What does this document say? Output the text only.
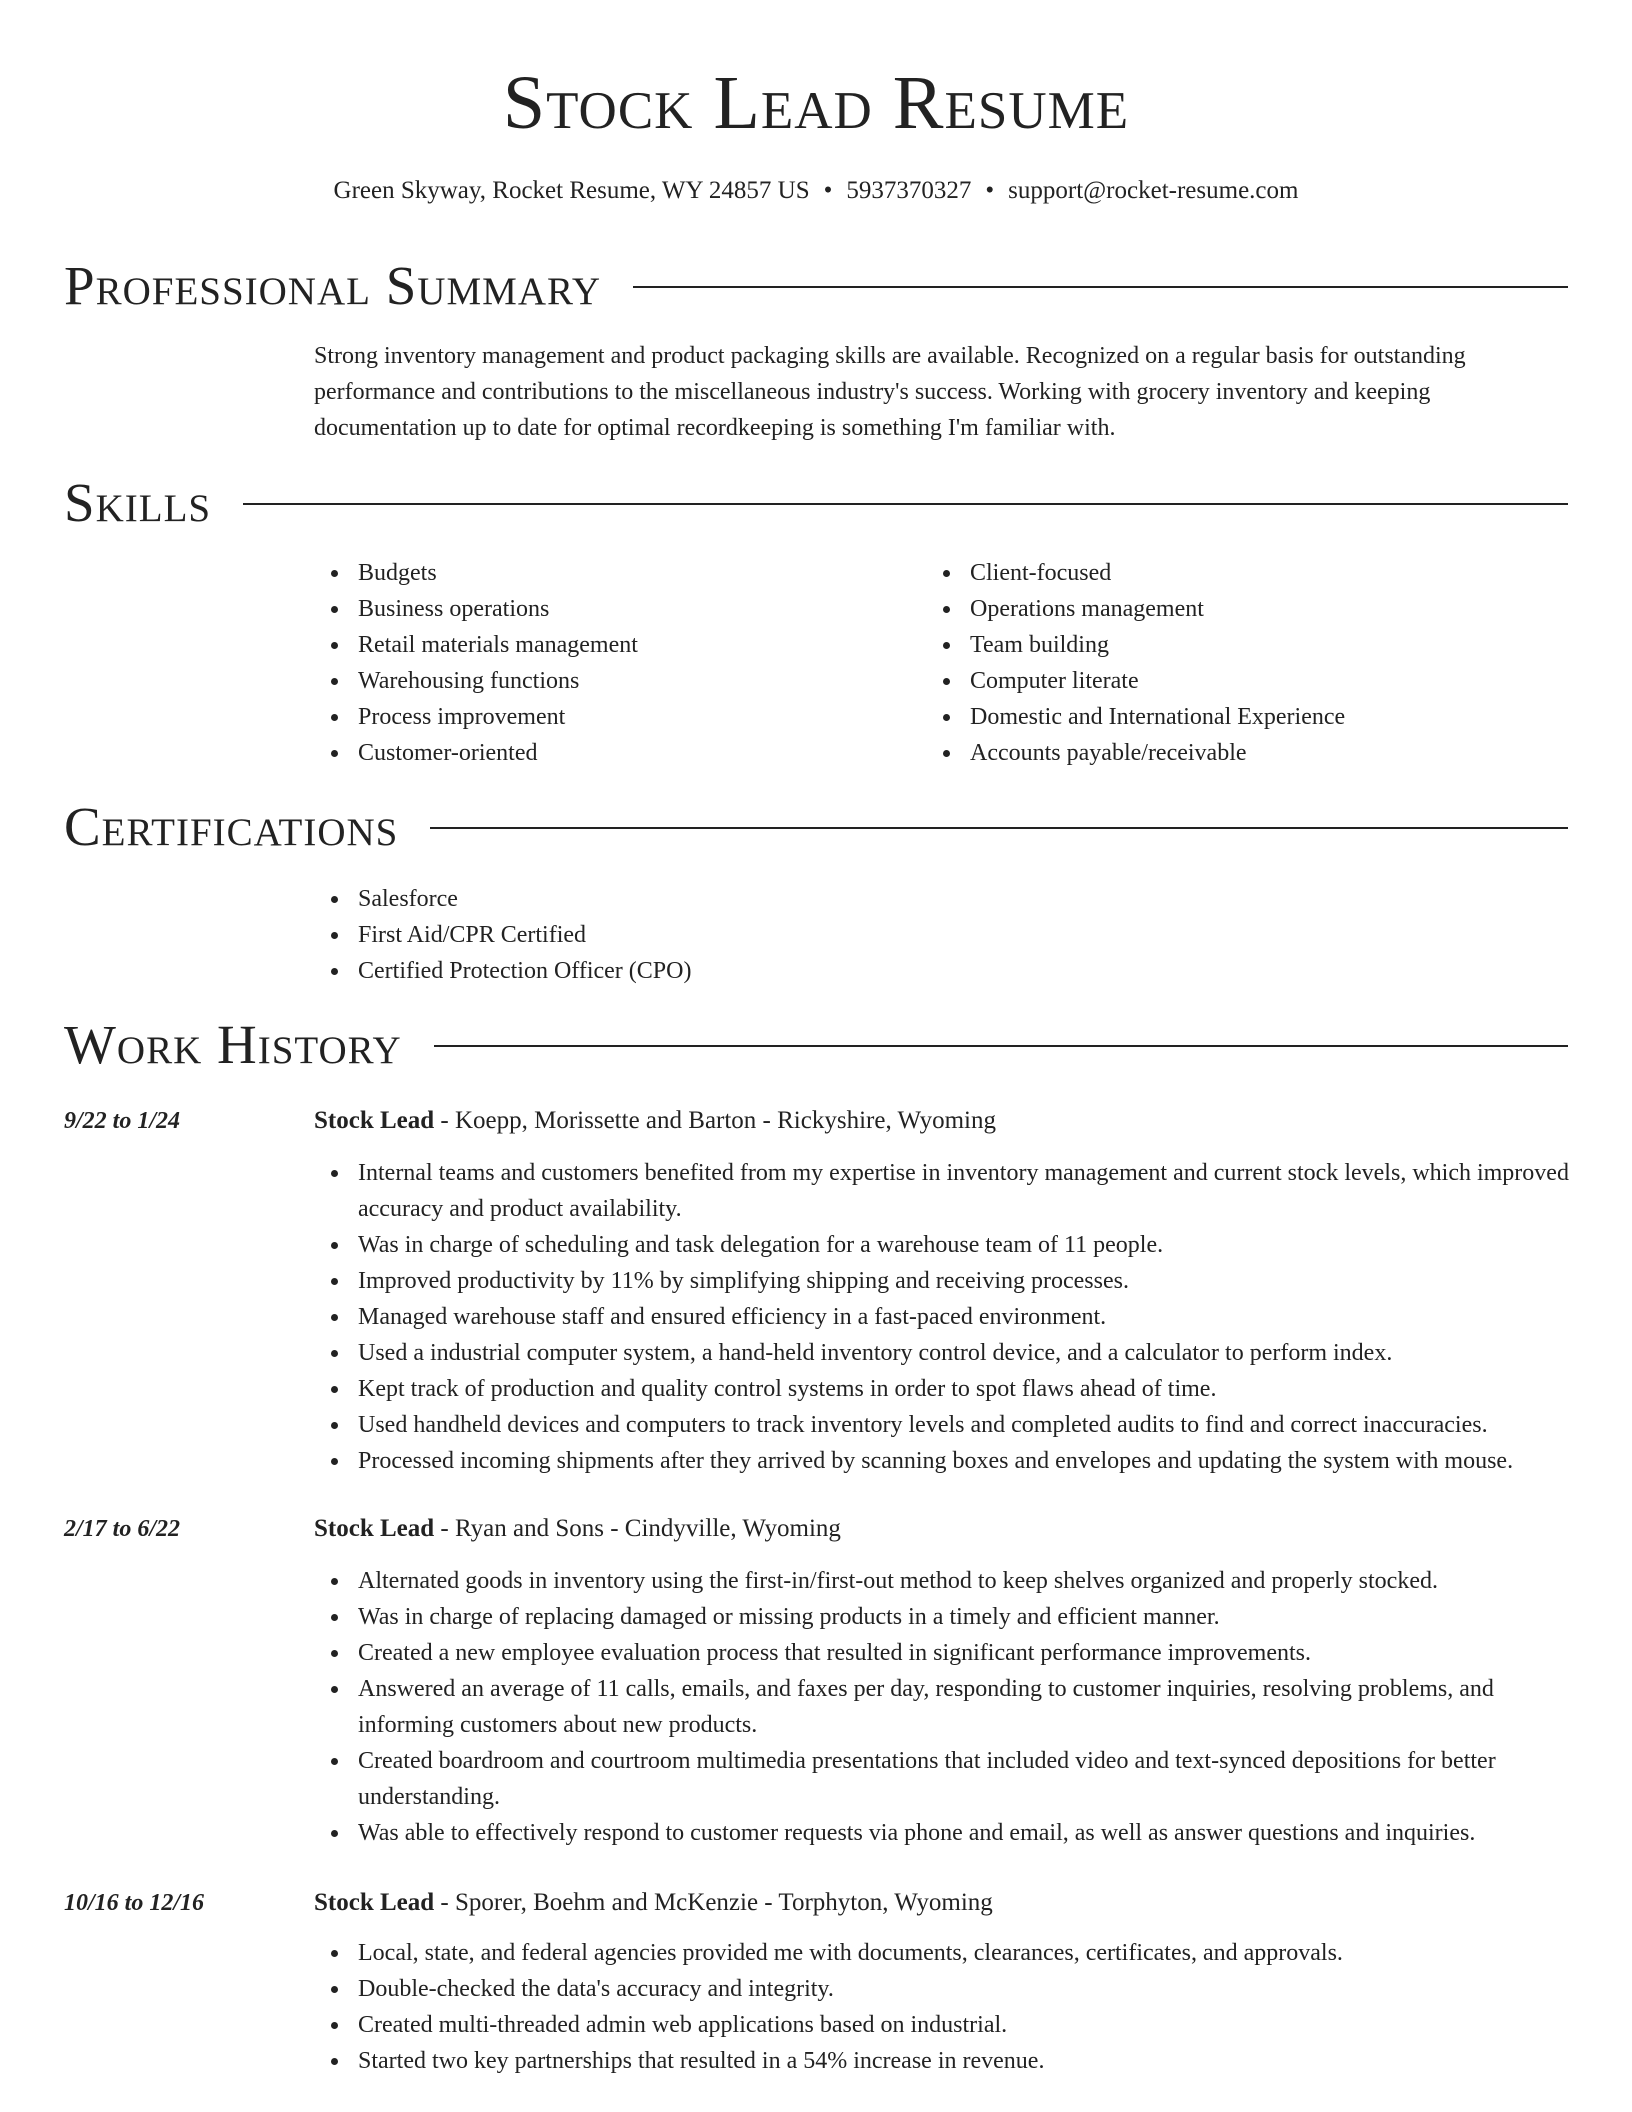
Stock Lead Resume
Green Skyway, Rocket Resume, WY 24857 US • 5937370327 • support@rocket-resume.com
Professional Summary

Strong inventory management and product packaging skills are available. Recognized on a regular basis for outstanding performance and contributions to the miscellaneous industry's success. Working with grocery inventory and keeping documentation up to date for optimal recordkeeping is something I'm familiar with.

Skills
Budgets
Business operations
Retail materials management
Warehousing functions
Process improvement
Customer-oriented
Client-focused
Operations management
Team building
Computer literate
Domestic and International Experience
Accounts payable/receivable
Certifications
Salesforce
First Aid/CPR Certified
Certified Protection Officer (CPO)
Work History
9/22 to 1/24	Stock Lead - Koepp, Morissette and Barton - Rickyshire, Wyoming
Internal teams and customers benefited from my expertise in inventory management and current stock levels, which improved accuracy and product availability.
Was in charge of scheduling and task delegation for a warehouse team of 11 people.
Improved productivity by 11% by simplifying shipping and receiving processes.
Managed warehouse staff and ensured efficiency in a fast-paced environment.
Used a industrial computer system, a hand-held inventory control device, and a calculator to perform index.
Kept track of production and quality control systems in order to spot flaws ahead of time.
Used handheld devices and computers to track inventory levels and completed audits to find and correct inaccuracies.
Processed incoming shipments after they arrived by scanning boxes and envelopes and updating the system with mouse.
2/17 to 6/22	Stock Lead - Ryan and Sons - Cindyville, Wyoming
Alternated goods in inventory using the first-in/first-out method to keep shelves organized and properly stocked.
Was in charge of replacing damaged or missing products in a timely and efficient manner.
Created a new employee evaluation process that resulted in significant performance improvements.
Answered an average of 11 calls, emails, and faxes per day, responding to customer inquiries, resolving problems, and informing customers about new products.
Created boardroom and courtroom multimedia presentations that included video and text-synced depositions for better understanding.
Was able to effectively respond to customer requests via phone and email, as well as answer questions and inquiries.
10/16 to 12/16	Stock Lead - Sporer, Boehm and McKenzie - Torphyton, Wyoming
Local, state, and federal agencies provided me with documents, clearances, certificates, and approvals.
Double-checked the data's accuracy and integrity.
Created multi-threaded admin web applications based on industrial.
Started two key partnerships that resulted in a 54% increase in revenue.
